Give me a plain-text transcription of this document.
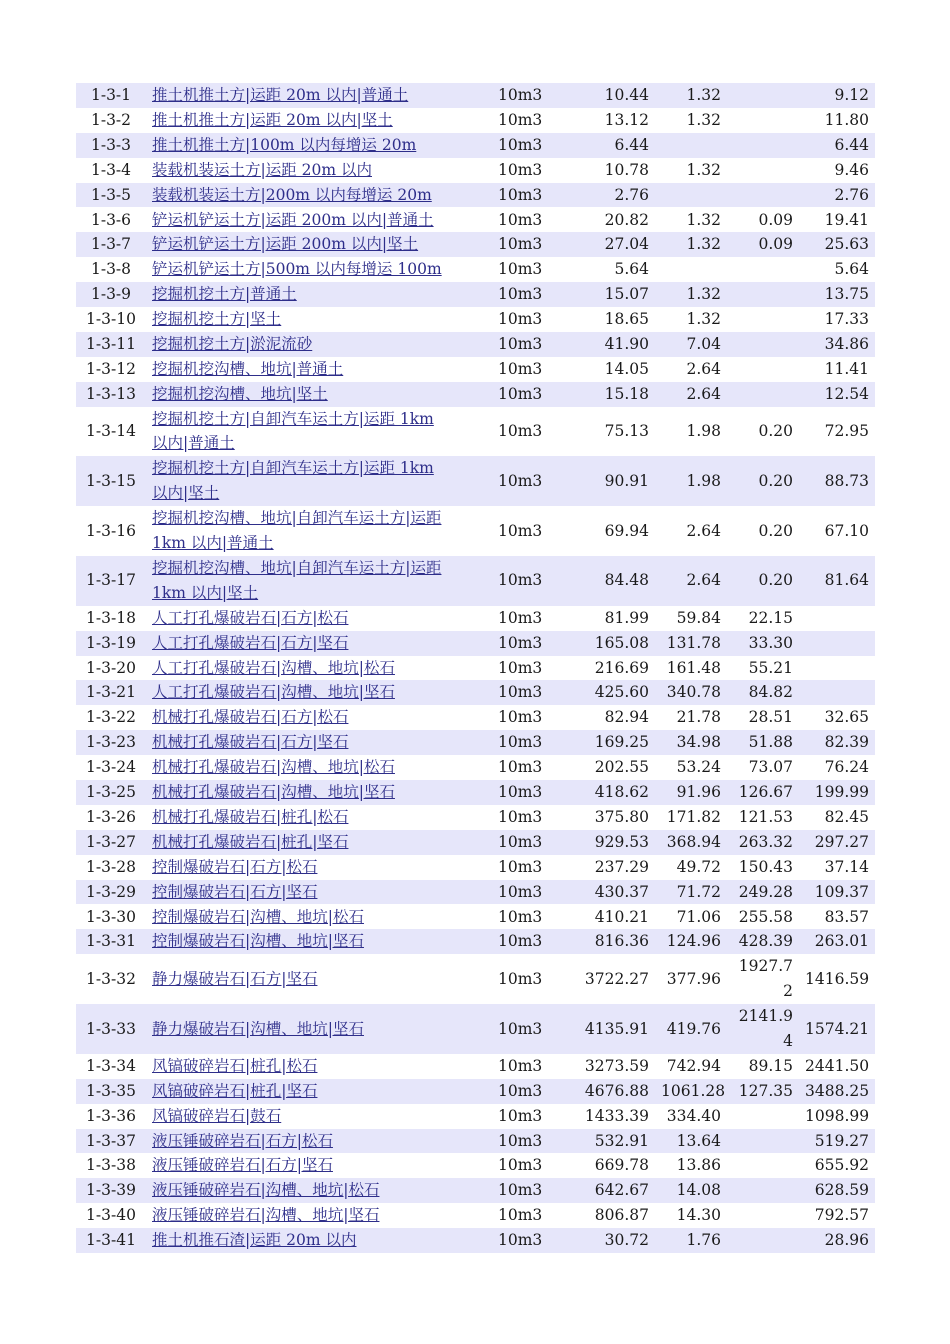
1-3-1	推土机推土方|运距 20m 以内|普通土	10m3	10.44	1.32		9.12
1-3-2	推土机推土方|运距 20m 以内|坚土	10m3	13.12	1.32		11.80
1-3-3	推土机推土方|100m 以内每增运 20m	10m3	6.44			6.44
1-3-4	装载机装运土方|运距 20m 以内	10m3	10.78	1.32		9.46
1-3-5	装载机装运土方|200m 以内每增运 20m	10m3	2.76			2.76
1-3-6	铲运机铲运土方|运距 200m 以内|普通土	10m3	20.82	1.32	0.09	19.41
1-3-7	铲运机铲运土方|运距 200m 以内|坚土	10m3	27.04	1.32	0.09	25.63
1-3-8	铲运机铲运土方|500m 以内每增运 100m	10m3	5.64			5.64
1-3-9	挖掘机挖土方|普通土	10m3	15.07	1.32		13.75
1-3-10	挖掘机挖土方|坚土	10m3	18.65	1.32		17.33
1-3-11	挖掘机挖土方|淤泥流砂	10m3	41.90	7.04		34.86
1-3-12	挖掘机挖沟槽、地坑|普通土	10m3	14.05	2.64		11.41
1-3-13	挖掘机挖沟槽、地坑|坚土	10m3	15.18	2.64		12.54
1-3-14	挖掘机挖土方|自卸汽车运土方|运距 1km 以内|普通土	10m3	75.13	1.98	0.20	72.95
1-3-15	挖掘机挖土方|自卸汽车运土方|运距 1km 以内|坚土	10m3	90.91	1.98	0.20	88.73
1-3-16	挖掘机挖沟槽、地坑|自卸汽车运土方|运距 1km 以内|普通土	10m3	69.94	2.64	0.20	67.10
1-3-17	挖掘机挖沟槽、地坑|自卸汽车运土方|运距 1km 以内|坚土	10m3	84.48	2.64	0.20	81.64
1-3-18	人工打孔爆破岩石|石方|松石	10m3	81.99	59.84	22.15	
1-3-19	人工打孔爆破岩石|石方|坚石	10m3	165.08	131.78	33.30	
1-3-20	人工打孔爆破岩石|沟槽、地坑|松石	10m3	216.69	161.48	55.21	
1-3-21	人工打孔爆破岩石|沟槽、地坑|坚石	10m3	425.60	340.78	84.82	
1-3-22	机械打孔爆破岩石|石方|松石	10m3	82.94	21.78	28.51	32.65
1-3-23	机械打孔爆破岩石|石方|坚石	10m3	169.25	34.98	51.88	82.39
1-3-24	机械打孔爆破岩石|沟槽、地坑|松石	10m3	202.55	53.24	73.07	76.24
1-3-25	机械打孔爆破岩石|沟槽、地坑|坚石	10m3	418.62	91.96	126.67	199.99
1-3-26	机械打孔爆破岩石|桩孔|松石	10m3	375.80	171.82	121.53	82.45
1-3-27	机械打孔爆破岩石|桩孔|坚石	10m3	929.53	368.94	263.32	297.27
1-3-28	控制爆破岩石|石方|松石	10m3	237.29	49.72	150.43	37.14
1-3-29	控制爆破岩石|石方|坚石	10m3	430.37	71.72	249.28	109.37
1-3-30	控制爆破岩石|沟槽、地坑|松石	10m3	410.21	71.06	255.58	83.57
1-3-31	控制爆破岩石|沟槽、地坑|坚石	10m3	816.36	124.96	428.39	263.01
1-3-32	静力爆破岩石|石方|坚石	10m3	3722.27	377.96	1927.72	1416.59
1-3-33	静力爆破岩石|沟槽、地坑|坚石	10m3	4135.91	419.76	2141.94	1574.21
1-3-34	风镐破碎岩石|桩孔|松石	10m3	3273.59	742.94	89.15	2441.50
1-3-35	风镐破碎岩石|桩孔|坚石	10m3	4676.88	1061.28	127.35	3488.25
1-3-36	风镐破碎岩石|鼓石	10m3	1433.39	334.40		1098.99
1-3-37	液压锤破碎岩石|石方|松石	10m3	532.91	13.64		519.27
1-3-38	液压锤破碎岩石|石方|坚石	10m3	669.78	13.86		655.92
1-3-39	液压锤破碎岩石|沟槽、地坑|松石	10m3	642.67	14.08		628.59
1-3-40	液压锤破碎岩石|沟槽、地坑|坚石	10m3	806.87	14.30		792.57
1-3-41	推土机推石渣|运距 20m 以内	10m3	30.72	1.76		28.96
